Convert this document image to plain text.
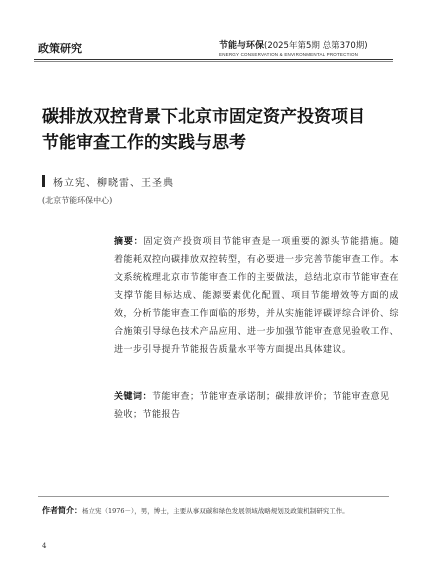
政策研究	节能与环保(2025年第5期 总第370期)
ENERGY CONSERVATION & ENVIRONMENTAL PROTECTION
碳排放双控背景下北京市固定资产投资项目
节能审查工作的实践与思考
杨立宪、柳晓雷、王圣典
(北京节能环保中心)
摘要：固定资产投资项目节能审查是一项重要的源头节能措施。随着能耗双控向碳排放双控转型，有必要进一步完善节能审查工作。本文系统梳理北京市节能审查工作的主要做法，总结北京市节能审查在支撑节能目标达成、能源要素优化配置、项目节能增效等方面的成效，分析节能审查工作面临的形势，并从实施能评碳评综合评价、综合施策引导绿色技术产品应用、进一步加强节能审查意见验收工作、进一步引导提升节能报告质量水平等方面提出具体建议。
关键词：节能审查；节能审查承诺制；碳排放评价；节能审查意见验收；节能报告
作者简介：杨立宪（1976－），男，博士，主要从事双碳和绿色发展领域战略规划及政策机制研究工作。
4
